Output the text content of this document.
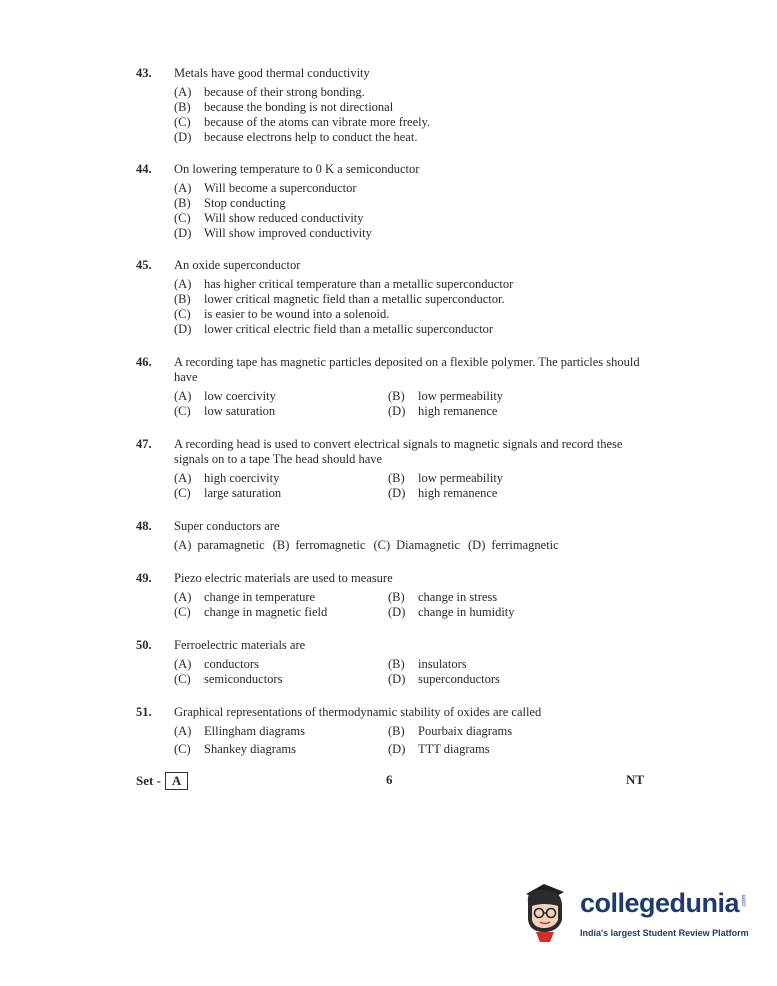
43.	Metals have good thermal conductivity
(A)	because of their strong bonding.
(B)	because the bonding is not directional
(C)	because of the atoms can vibrate more freely.
(D)	because electrons help to conduct the heat.
44.	On lowering temperature to 0 K a semiconductor
(A)	Will become a superconductor
(B)	Stop conducting
(C)	Will show reduced conductivity
(D)	Will show improved conductivity
45.	An oxide superconductor
(A)	has higher critical temperature than a metallic superconductor
(B)	lower critical magnetic field than a metallic superconductor.
(C)	is easier to be wound into a solenoid.
(D)	lower critical electric field than a metallic superconductor
46.	A recording tape has magnetic particles deposited on a flexible polymer. The particles should have
(A)	low coercivity	(B)	low permeability
(C)	low saturation	(D)	high remanence
47.	A recording head is used to convert electrical signals to magnetic signals and record these signals on to a tape The head should have
(A)	high coercivity	(B)	low permeability
(C)	large saturation	(D)	high remanence
48.	Super conductors are
(A) paramagnetic (B) ferromagnetic (C) Diamagnetic (D) ferrimagnetic
49.	Piezo electric materials are used to measure
(A)	change in temperature	(B)	change in stress
(C)	change in magnetic field	(D)	change in humidity
50.	Ferroelectric materials are
(A)	conductors	(B)	insulators
(C)	semiconductors	(D)	superconductors
51.	Graphical representations of thermodynamic stability of oxides are called
(A)	Ellingham diagrams	(B)	Pourbaix diagrams
(C)	Shankey diagrams	(D)	TTT diagrams
Set - A	6	NT
collegedunia .com
India's largest Student Review Platform
